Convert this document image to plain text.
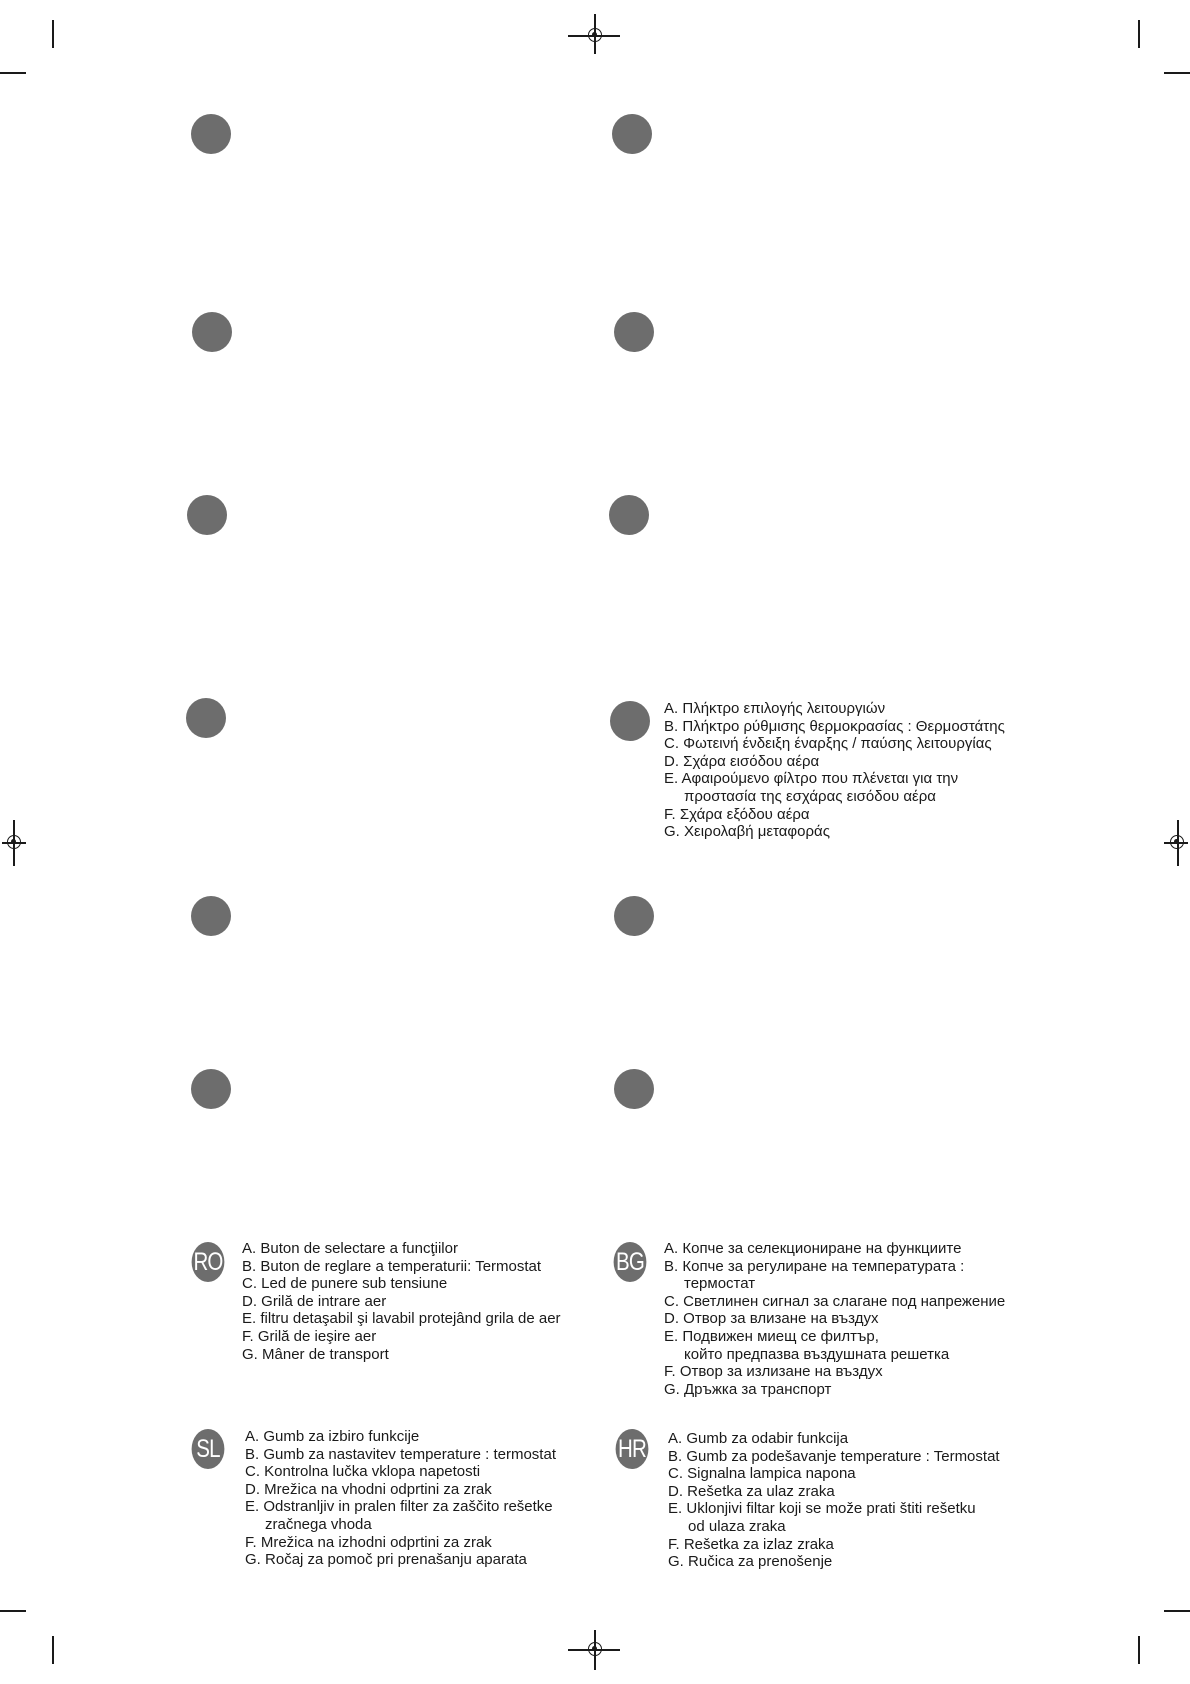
A. Πλήκτρο επιλογής λειτουργιών
B. Πλήκτρο ρύθμισης θερμοκρασίας : Θερμοστάτης
C. Φωτεινή ένδειξη έναρξης / παύσης λειτουργίας
D. Σχάρα εισόδου αέρα
E. Αφαιρούμενο φίλτρο που πλένεται για την
προστασία της εσχάρας εισόδου αέρα
F. Σχάρα εξόδου αέρα
G. Χειρολαβή μεταφοράς
RO A. Buton de selectare a funcţiilor
B. Buton de reglare a temperaturii: Termostat
C. Led de punere sub tensiune
D. Grilă de intrare aer
E. filtru detaşabil şi lavabil protejând grila de aer
F. Grilă de ieşire aer
G. Mâner de transport
BG A. Копче за селекциониране на функциите
B. Копче за регулиране на температурата :
термостат
C. Светлинен сигнал за слагане под напрежение
D. Отвор за влизане на въздух
E. Подвижен миещ се филтър,
който предпазва въздушната решетка
F. Отвор за излизане на въздух
G. Дръжка за транспорт
SL	A. Gumb za izbiro funkcije
B. Gumb za nastavitev temperature : termostat
C. Kontrolna lučka vklopa napetosti
D. Mrežica na vhodni odprtini za zrak
E. Odstranljiv in pralen filter za zaščito rešetke
zračnega vhoda
F. Mrežica na izhodni odprtini za zrak
G. Ročaj za pomoč pri prenašanju aparata
HR A. Gumb za odabir funkcija
B. Gumb za podešavanje temperature : Termostat
C. Signalna lampica napona
D. Rešetka za ulaz zraka
E. Uklonjivi filtar koji se može prati štiti rešetku
od ulaza zraka
F. Rešetka za izlaz zraka
G. Ručica za prenošenje
